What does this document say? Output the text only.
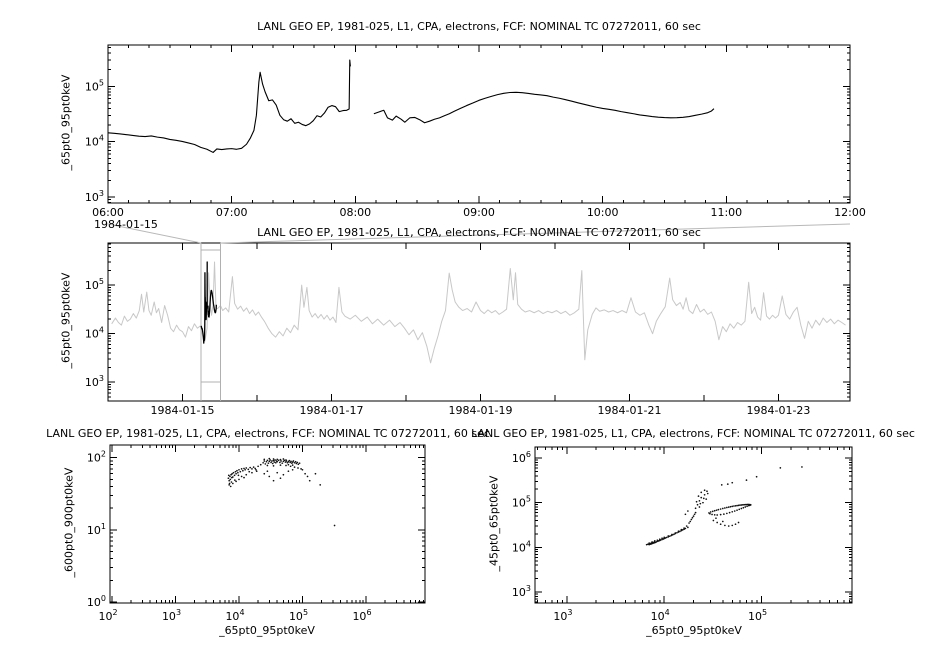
$10^3$
$10^4$
$10^5$
06:00	07:00	08:00	09:00	10:00	11:00	12:00
$10^3$
$10^4$
$10^5$
1984-01-15	1984-01-17	1984-01-19	1984-01-21	1984-01-23
$10^0$
$10^1$
$10^2$
$10^2$	$10^3$	$10^4$	$10^5$	$10^6$
$10^3$
$10^4$
$10^5$
$10^6$
$10^3$	$10^4$	$10^5$
LANL GEO EP, 1981-025, L1, CPA, electrons, FCF: NOMINAL TC 07272011, 60 sec
LANL GEO EP, 1981-025, L1, CPA, electrons, FCF: NOMINAL TC 07272011, 60 sec
LANL GEO EP, 1981-025, L1, CPA, electrons, FCF: NOMINAL TC 07272011, 60 sec
LANL GEO EP, 1981-025, L1, CPA, electrons, FCF: NOMINAL TC 07272011, 60 sec
_65pt0_95pt0keV
_65pt0_95pt0keV
_600pt0_900pt0keV	_45pt0_65pt0keV
_65pt0_95pt0keV	_65pt0_95pt0keV
1984-01-15
